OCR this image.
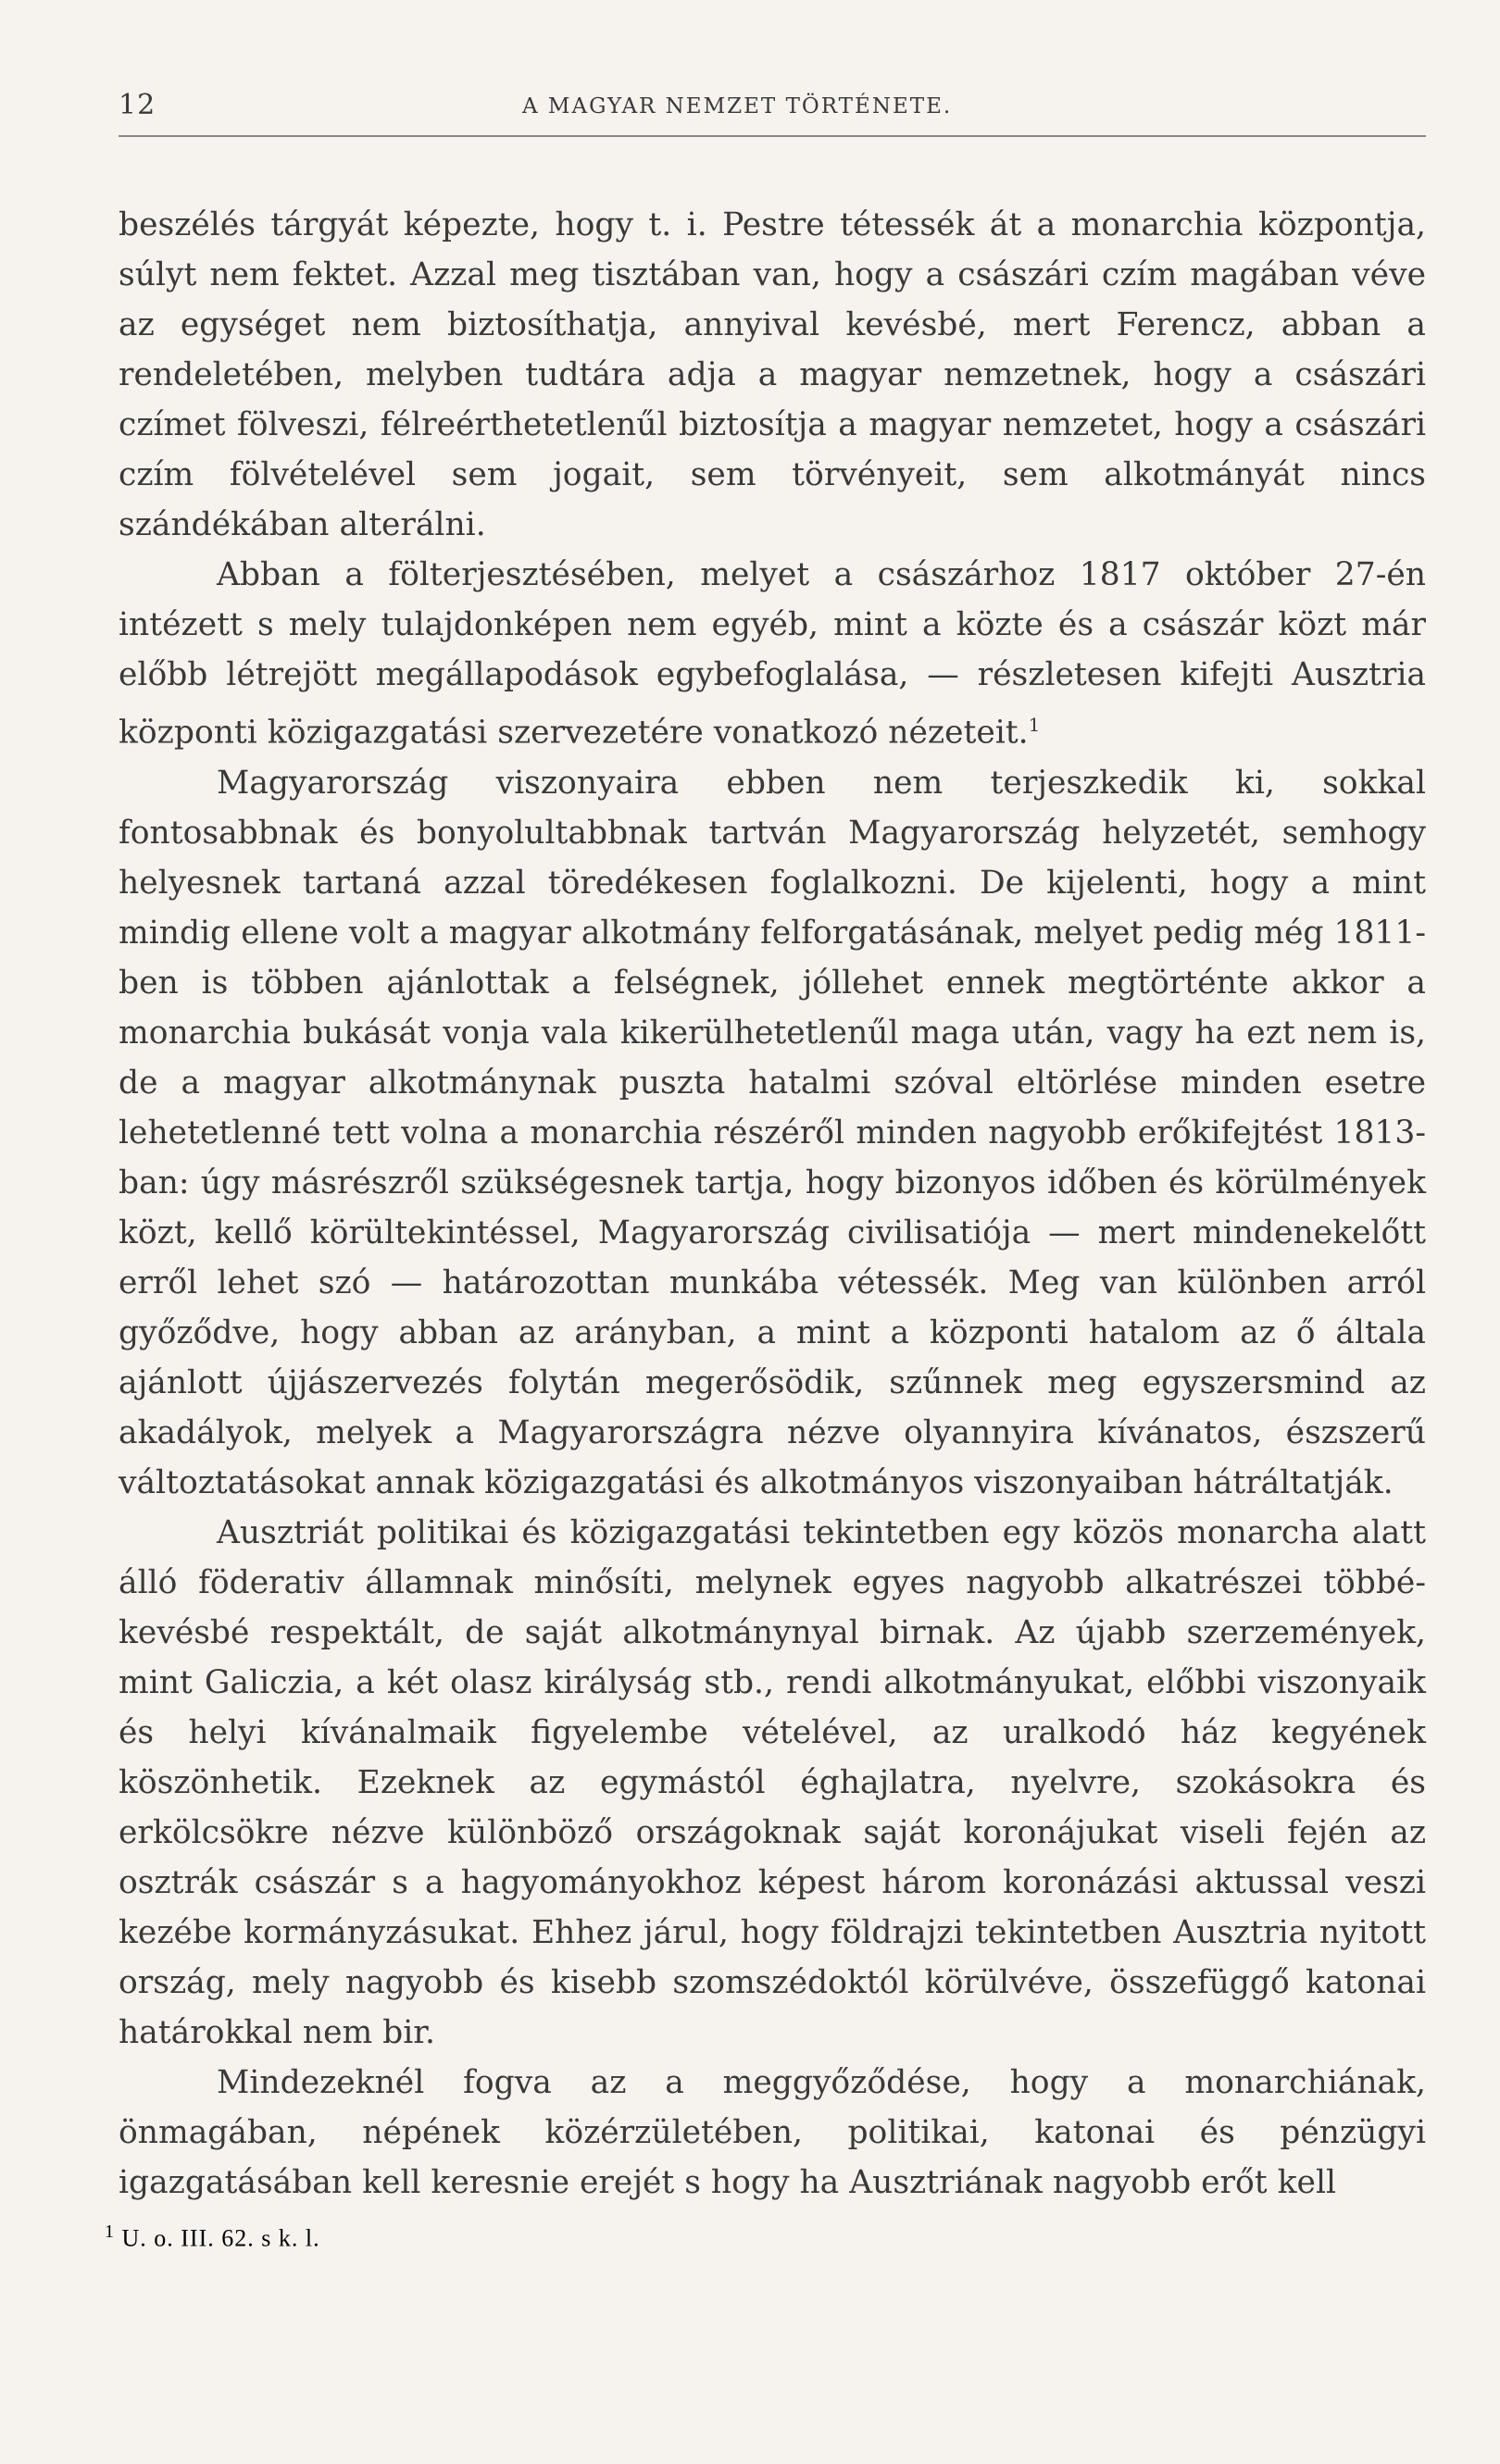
12	A MAGYAR NEMZET TÖRTÉNETE.

beszélés tárgyát képezte, hogy t. i. Pestre tétessék át a monarchia központja, súlyt nem fektet. Azzal meg tisztában van, hogy a császári czím magában véve az egységet nem biztosíthatja, annyival kevésbé, mert Ferencz, abban a rendeletében, melyben tudtára adja a magyar nemzetnek, hogy a császári czímet fölveszi, félreérthetetlenűl biztosítja a magyar nemzetet, hogy a császári czím fölvételével sem jogait, sem törvényeit, sem alkotmányát nincs szándékában alterálni.

Abban a fölterjesztésében, melyet a császárhoz 1817 október 27-én intézett s mely tulajdonképen nem egyéb, mint a közte és a császár közt már előbb létrejött megállapodások egybefoglalása, — részletesen kifejti Ausztria központi közigazgatási szervezetére vonatkozó nézeteit.$^1$

Magyarország viszonyaira ebben nem terjeszkedik ki, sokkal fontosabbnak és bonyolultabbnak tartván Magyarország helyzetét, semhogy helyesnek tartaná azzal töredékesen foglalkozni. De kijelenti, hogy a mint mindig ellene volt a magyar alkotmány felforgatásának, melyet pedig még 1811-ben is többen ajánlottak a felségnek, jóllehet ennek megtörténte akkor a monarchia bukását vonja vala kikerülhetetlenűl maga után, vagy ha ezt nem is, de a magyar alkotmánynak puszta hatalmi szóval eltörlése minden esetre lehetetlenné tett volna a monarchia részéről minden nagyobb erőkifejtést 1813-ban: úgy másrészről szükségesnek tartja, hogy bizonyos időben és körülmények közt, kellő körültekintéssel, Magyarország civilisatiója — mert mindenekelőtt erről lehet szó — határozottan munkába vétessék. Meg van különben arról győződve, hogy abban az arányban, a mint a központi hatalom az ő általa ajánlott újjászervezés folytán megerősödik, szűnnek meg egyszersmind az akadályok, melyek a Magyarországra nézve olyannyira kívánatos, észszerű változtatásokat annak közigazgatási és alkotmányos viszonyaiban hátráltatják.

Ausztriát politikai és közigazgatási tekintetben egy közös monarcha alatt álló föderativ államnak minősíti, melynek egyes nagyobb alkatrészei többé-kevésbé respektált, de saját alkotmánynyal birnak. Az újabb szerzemények, mint Galiczia, a két olasz királyság stb., rendi alkotmányukat, előbbi viszonyaik és helyi kívánalmaik figyelembe vételével, az uralkodó ház kegyének köszönhetik. Ezeknek az egymástól éghajlatra, nyelvre, szokásokra és erkölcsökre nézve különböző országoknak saját koronájukat viseli fején az osztrák császár s a hagyományokhoz képest három koronázási aktussal veszi kezébe kormányzásukat. Ehhez járul, hogy földrajzi tekintetben Ausztria nyitott ország, mely nagyobb és kisebb szomszédoktól körülvéve, összefüggő katonai határokkal nem bir.

Mindezeknél fogva az a meggyőződése, hogy a monarchiának, önmagában, népének közérzületében, politikai, katonai és pénzügyi igazgatásában kell keresnie erejét s hogy ha Ausztriának nagyobb erőt kell

$^1$ U. o. III. 62. s k. l.
